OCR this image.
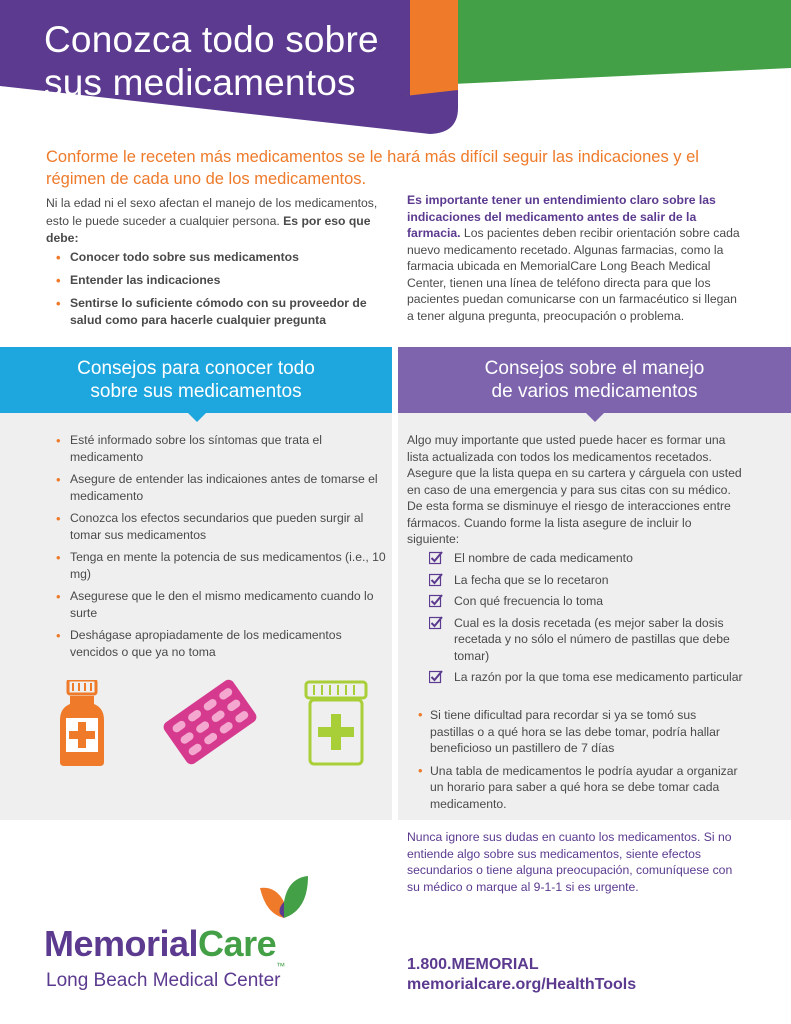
Conozca todo sobre
sus medicamentos

Conforme le receten más medicamentos se le hará más difícil seguir las indicaciones y el régimen de cada uno de los medicamentos.

Ni la edad ni el sexo afectan el manejo de los medicamentos, esto le puede suceder a cualquier persona. Es por eso que debe:

• Conocer todo sobre sus medicamentos
• Entender las indicaciones
• Sentirse lo suficiente cómodo con su proveedor de salud como para hacerle cualquier pregunta

Es importante tener un entendimiento claro sobre las indicaciones del medicamento antes de salir de la farmacia. Los pacientes deben recibir orientación sobre cada nuevo medicamento recetado. Algunas farmacias, como la farmacia ubicada en MemorialCare Long Beach Medical Center, tienen una línea de teléfono directa para que los pacientes puedan comunicarse con un farmacéutico si llegan a tener alguna pregunta, preocupación o problema.

Consejos para conocer todo
sobre sus medicamentos
Consejos sobre el manejo
de varios medicamentos
• Esté informado sobre los síntomas que trata el medicamento
• Asegure de entender las indicaiones antes de tomarse el medicamento
• Conozca los efectos secundarios que pueden surgir al tomar sus medicamentos
• Tenga en mente la potencia de sus medicamentos (i.e., 10 mg)
• Asegurese que le den el mismo medicamento cuando lo surte
• Deshágase apropiadamente de los medicamentos vencidos o que ya no toma

Algo muy importante que usted puede hacer es formar una lista actualizada con todos los medicamentos recetados. Asegure que la lista quepa en su cartera y cárguela con usted en caso de una emergencia y para sus citas con su médico. De esta forma se disminuye el riesgo de interacciones entre fármacos. Cuando forme la lista asegure de incluir lo siguiente:

El nombre de cada medicamento
La fecha que se lo recetaron
Con qué frecuencia lo toma
Cual es la dosis recetada (es mejor saber la dosis recetada y no sólo el número de pastillas que debe tomar)
La razón por la que toma ese medicamento particular
• Si tiene dificultad para recordar si ya se tomó sus pastillas o a qué hora se las debe tomar, podría hallar beneficioso un pastillero de 7 días
• Una tabla de medicamentos le podría ayudar a organizar un horario para saber a qué hora se debe tomar cada medicamento.

Nunca ignore sus dudas en cuanto los medicamentos. Si no entiende algo sobre sus medicamentos, siente efectos secundarios o tiene alguna preocupación, comuníquese con su médico o marque al 9-1-1 si es urgente.

MemorialCare™
Long Beach Medical Center
1.800.MEMORIAL
memorialcare.org/HealthTools
